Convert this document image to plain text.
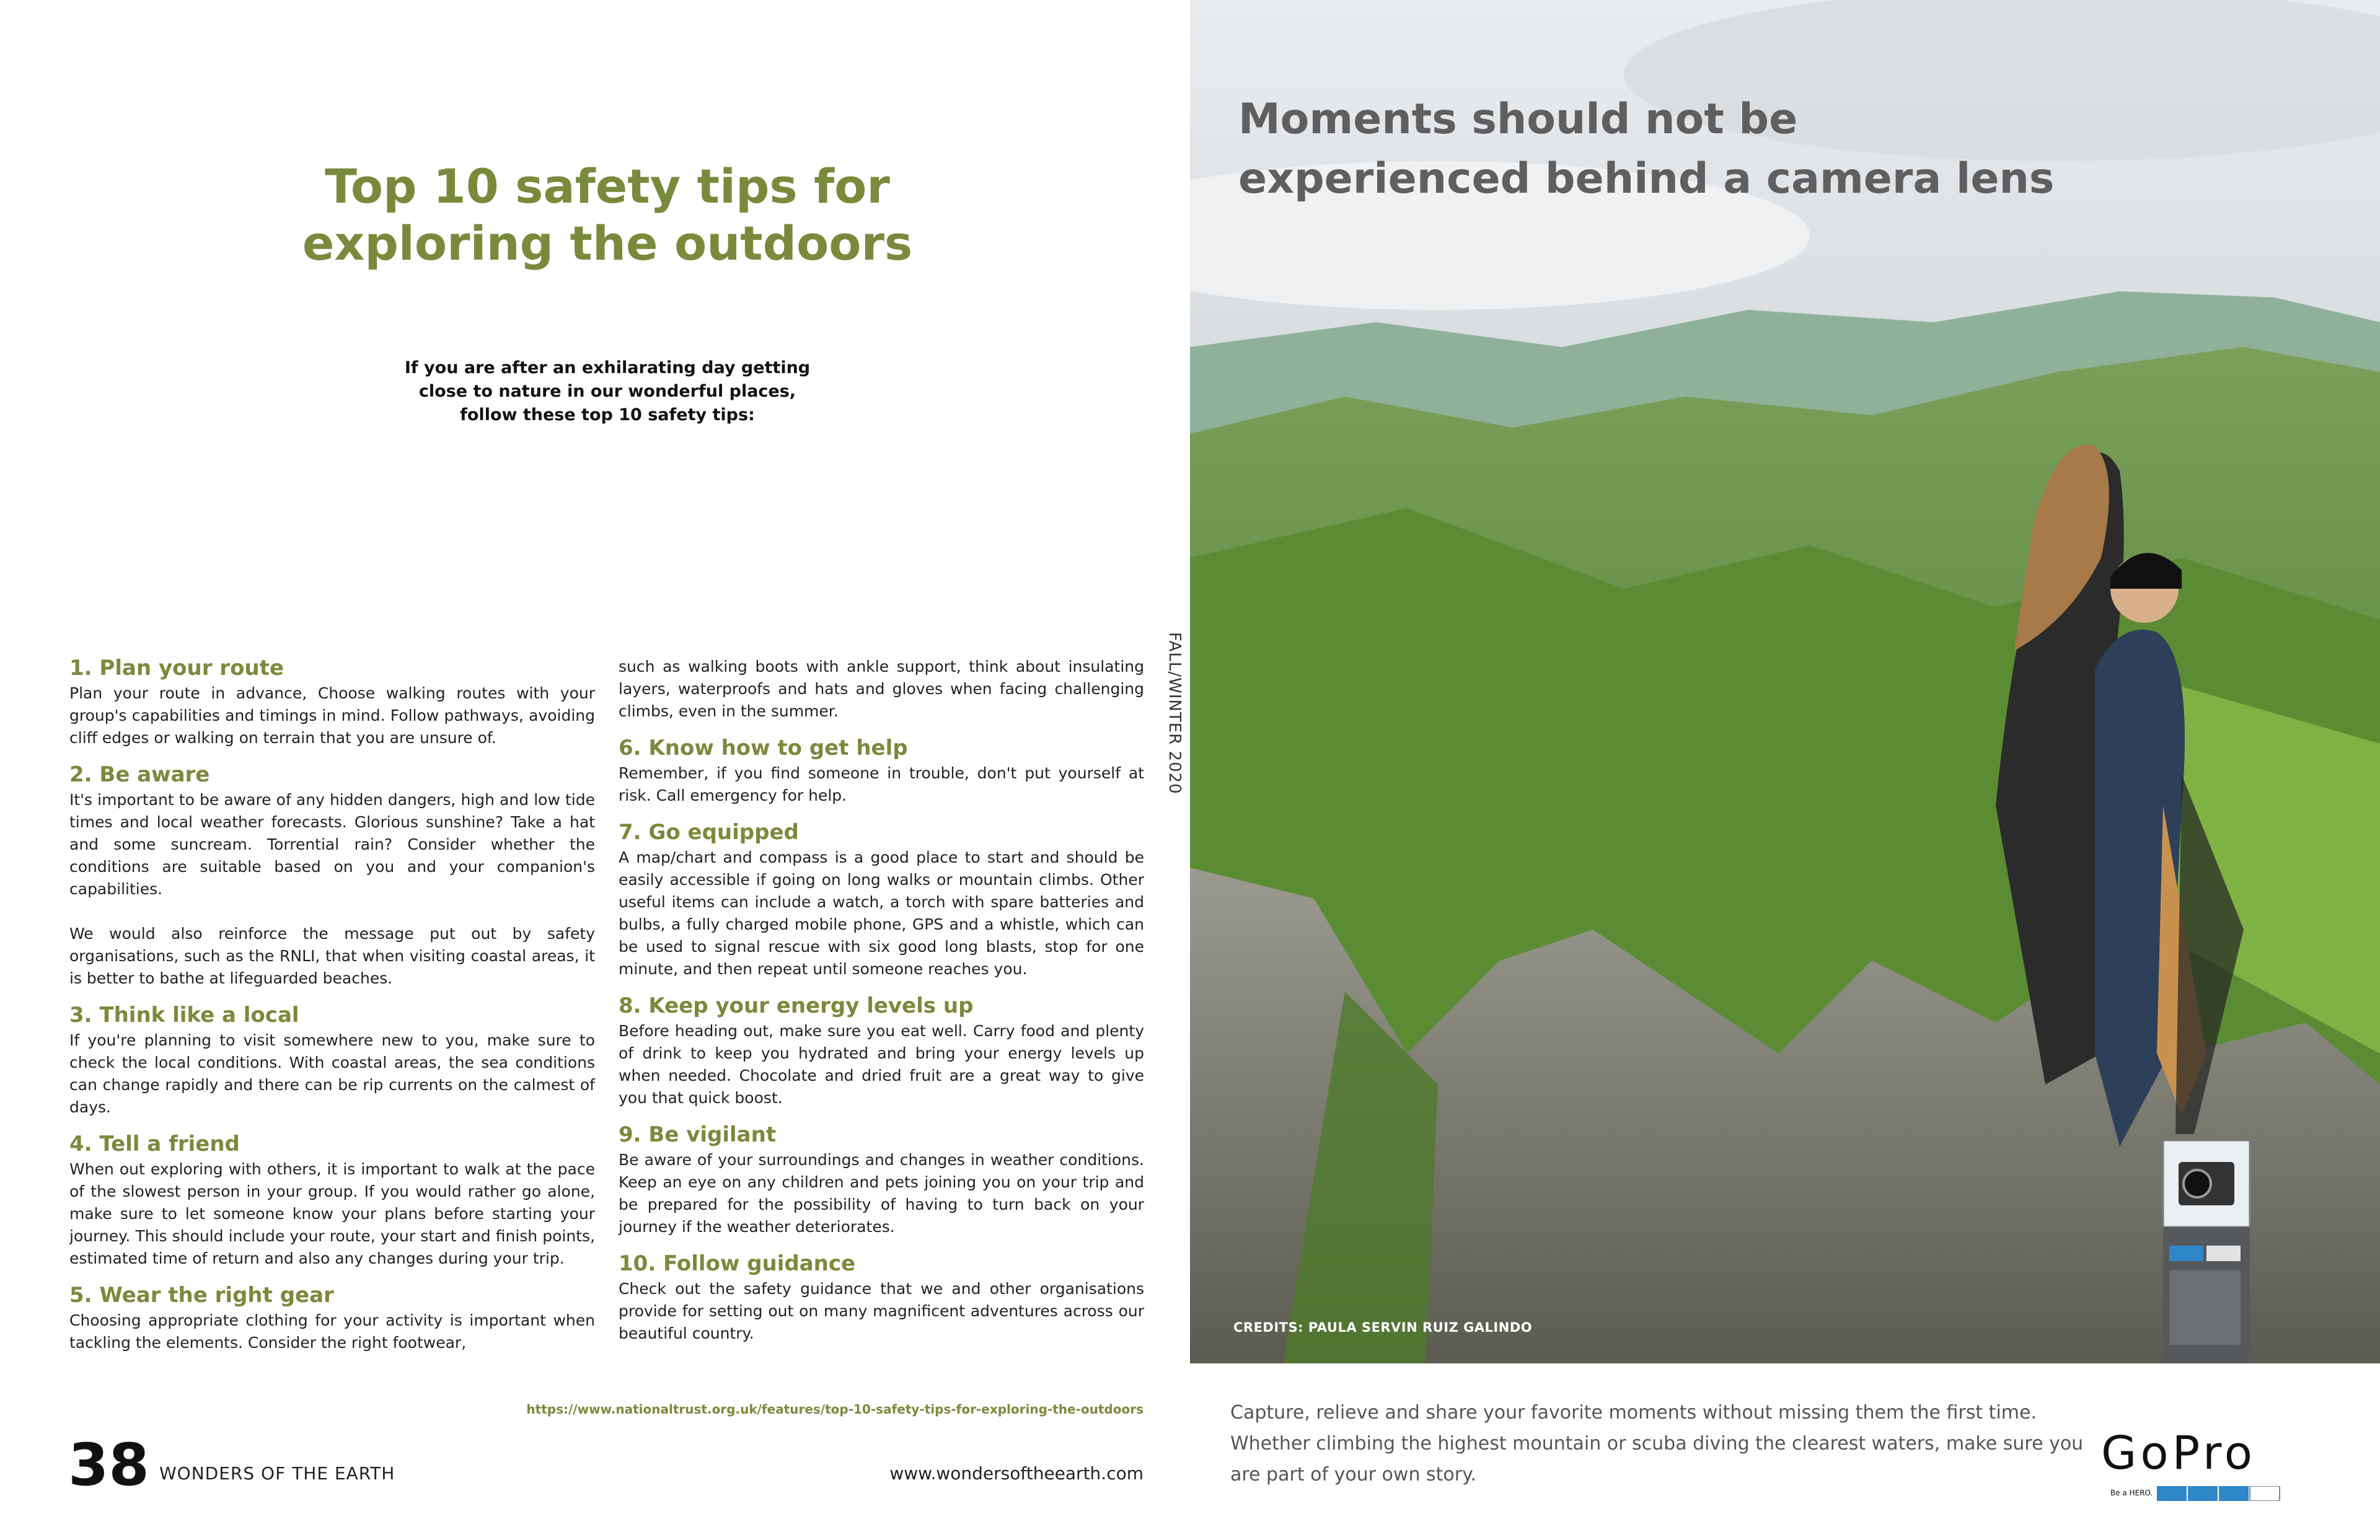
Top 10 safety tips for
exploring the outdoors

If you are after an exhilarating day getting
close to nature in our wonderful places,
follow these top 10 safety tips:

1. Plan your route

Plan your route in advance, Choose walking routes with your group's capabilities and timings in mind. Follow pathways, avoiding cliff edges or walking on terrain that you are unsure of.

2. Be aware

It's important to be aware of any hidden dangers, high and low tide times and local weather forecasts. Glorious sunshine? Take a hat and some suncream. Torrential rain? Consider whether the conditions are suitable based on you and your companion's capabilities.

We would also reinforce the message put out by safety organisations, such as the RNLI, that when visiting coastal areas, it is better to bathe at lifeguarded beaches.

3. Think like a local

If you're planning to visit somewhere new to you, make sure to check the local conditions. With coastal areas, the sea conditions can change rapidly and there can be rip currents on the calmest of days.

4. Tell a friend

When out exploring with others, it is important to walk at the pace of the slowest person in your group. If you would rather go alone, make sure to let someone know your plans before starting your journey. This should include your route, your start and finish points, estimated time of return and also any changes during your trip.

5. Wear the right gear

Choosing appropriate clothing for your activity is important when tackling the elements. Consider the right footwear,

such as walking boots with ankle support, think about insulating layers, waterproofs and hats and gloves when facing challenging climbs, even in the summer.

6. Know how to get help

Remember, if you find someone in trouble, don't put yourself at risk. Call emergency for help.

7. Go equipped

A map/chart and compass is a good place to start and should be easily accessible if going on long walks or mountain climbs. Other useful items can include a watch, a torch with spare batteries and bulbs, a fully charged mobile phone, GPS and a whistle, which can be used to signal rescue with six good long blasts, stop for one minute, and then repeat until someone reaches you.

8. Keep your energy levels up

Before heading out, make sure you eat well. Carry food and plenty of drink to keep you hydrated and bring your energy levels up when needed. Chocolate and dried fruit are a great way to give you that quick boost.

9. Be vigilant

Be aware of your surroundings and changes in weather conditions. Keep an eye on any children and pets joining you on your trip and be prepared for the possibility of having to turn back on your journey if the weather deteriorates.

10. Follow guidance

Check out the safety guidance that we and other organisations provide for setting out on many magnificent adventures across our beautiful country.

FALL/WINTER 2020
https://www.nationaltrust.org.uk/features/top-10-safety-tips-for-exploring-the-outdoors
38 WONDERS OF THE EARTH	www.wondersoftheearth.com
Moments should not be
experienced behind a camera lens
CREDITS: PAULA SERVIN RUIZ GALINDO

Capture, relieve and share your favorite moments without missing them the first time. Whether climbing the highest mountain or scuba diving the clearest waters, make sure you are part of your own story.	GoPro
Be a HERO.
